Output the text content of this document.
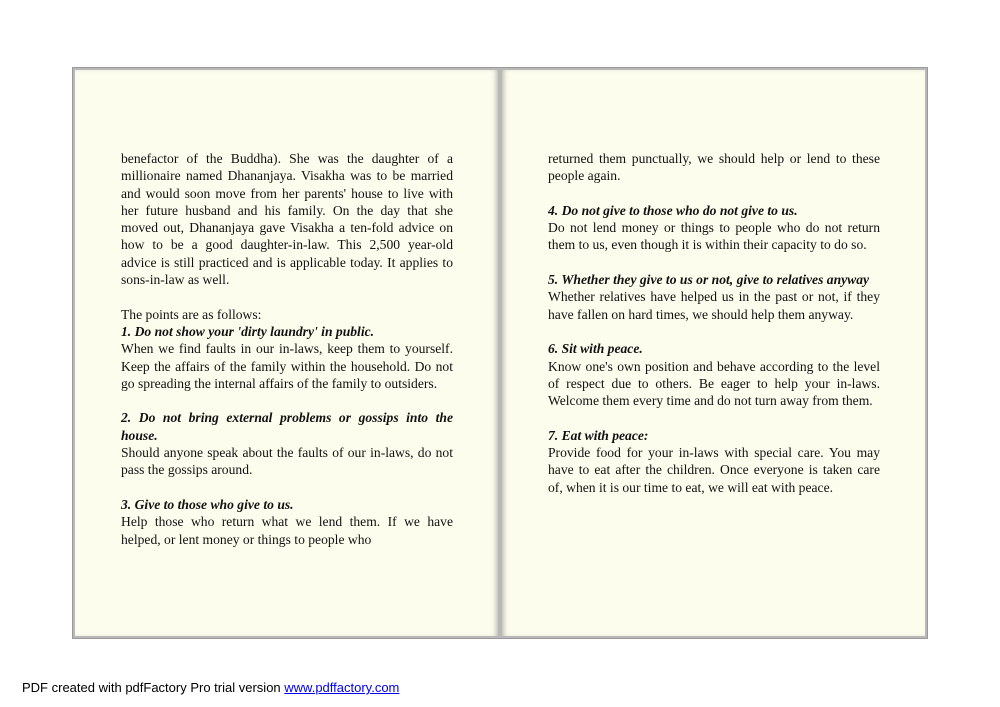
benefactor of the Buddha). She was the daughter of a millionaire named Dhananjaya. Visakha was to be married and would soon move from her parents' house to live with her future husband and his family. On the day that she moved out, Dhananjaya gave Visakha a ten-fold advice on how to be a good daughter-in-law. This 2,500 year-old advice is still practiced and is applicable today. It applies to sons-in-law as well.

The points are as follows:

1. Do not show your 'dirty laundry' in public.

When we find faults in our in-laws, keep them to yourself. Keep the affairs of the family within the household. Do not go spreading the internal affairs of the family to outsiders.

2. Do not bring external problems or gossips into the house.

Should anyone speak about the faults of our in-laws, do not pass the gossips around.

3. Give to those who give to us.

Help those who return what we lend them. If we have helped, or lent money or things to people who

returned them punctually, we should help or lend to these people again.

4. Do not give to those who do not give to us.

Do not lend money or things to people who do not return them to us, even though it is within their capacity to do so.

5. Whether they give to us or not, give to relatives anyway

Whether relatives have helped us in the past or not, if they have fallen on hard times, we should help them anyway.

6. Sit with peace.

Know one's own position and behave according to the level of respect due to others. Be eager to help your in-laws. Welcome them every time and do not turn away from them.

7. Eat with peace:

Provide food for your in-laws with special care. You may have to eat after the children. Once everyone is taken care of, when it is our time to eat, we will eat with peace.

PDF created with pdfFactory Pro trial version www.pdffactory.com
